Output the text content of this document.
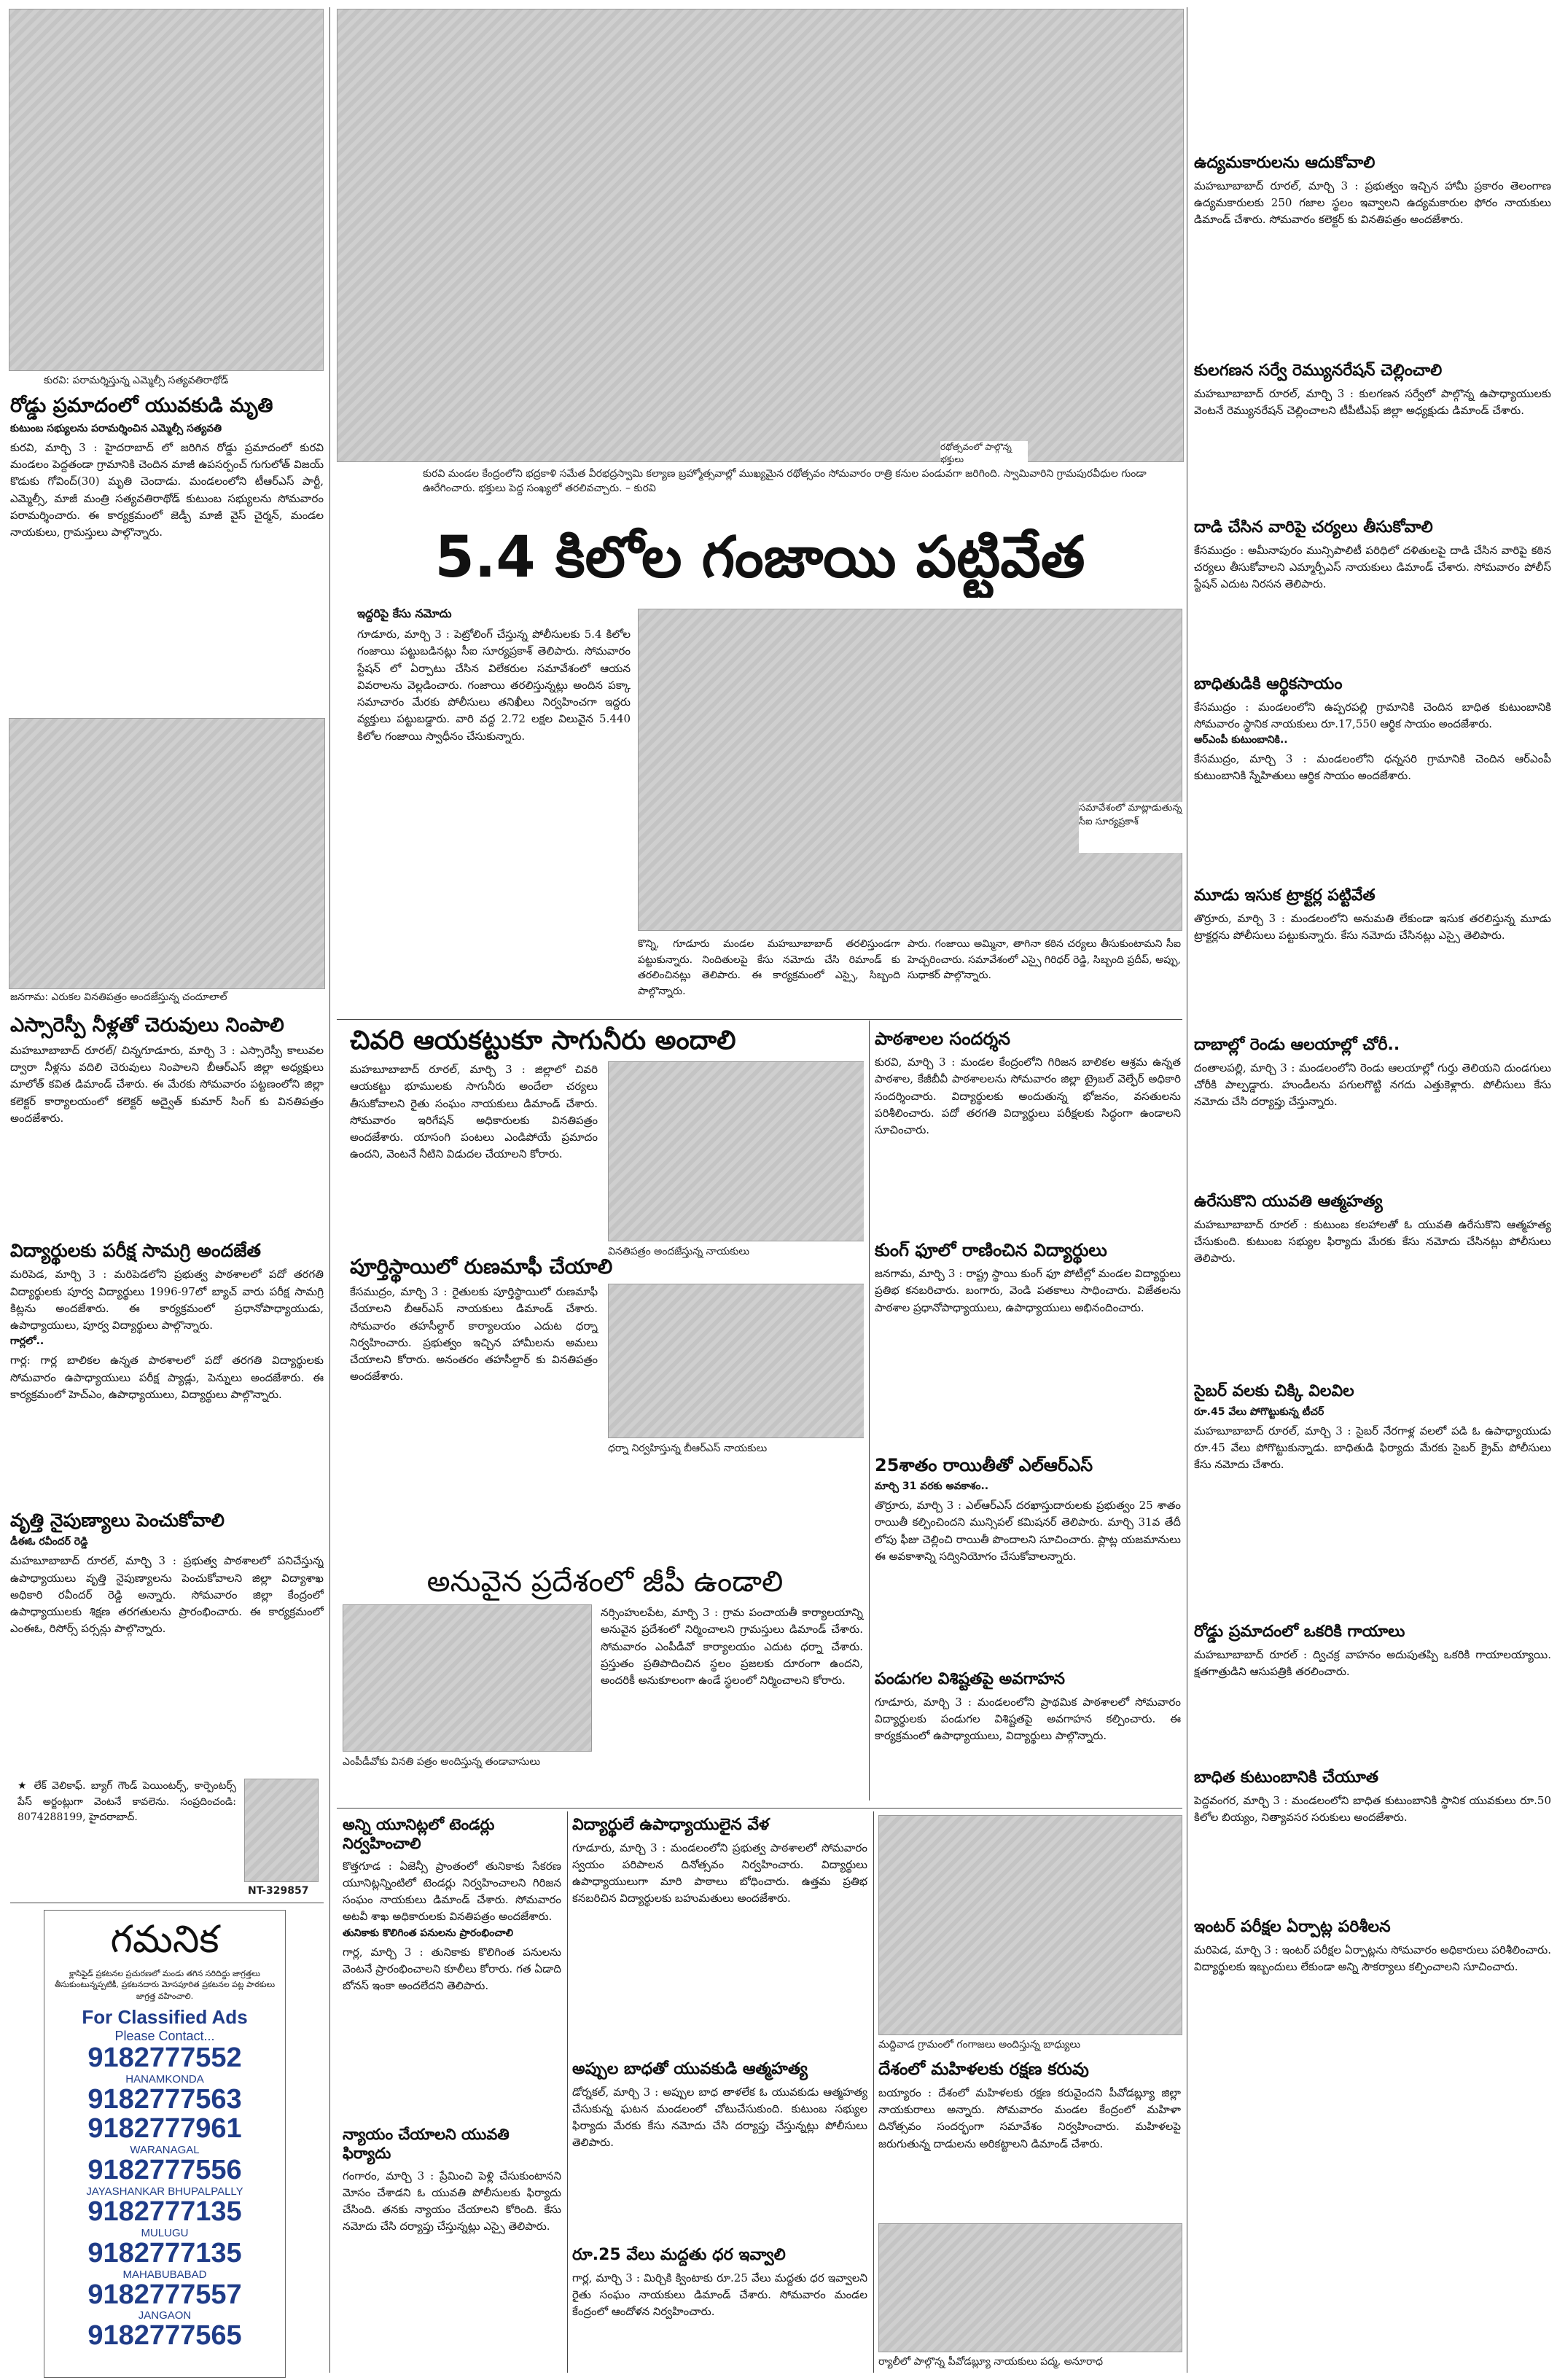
కురవి: పరామర్శిస్తున్న ఎమ్మెల్సీ సత్యవతిరాథోడ్
రోడ్డు ప్రమాదంలో యువకుడి మృతి
కుటుంబ సభ్యులను పరామర్శించిన ఎమ్మెల్సీ సత్యవతి

కురవి, మార్చి 3 : హైదరాబాద్ లో జరిగిన రోడ్డు ప్రమాదంలో కురవి మండలం పెద్దతండా గ్రామానికి చెందిన మాజీ ఉపసర్పంచ్ గుగులోత్ విజయ్ కొడుకు గోవింద్(30) మృతి చెందాడు. మండలంలోని టీఆర్ఎస్ పార్టీ, ఎమ్మెల్సీ, మాజీ మంత్రి సత్యవతిరాథోడ్ కుటుంబ సభ్యులను సోమవారం పరామర్శించారు. ఈ కార్యక్రమంలో జెడ్పీ మాజీ వైస్ చైర్మన్, మండల నాయకులు, గ్రామస్తులు పాల్గొన్నారు.

జనగామ: ఎరుకల వినతిపత్రం అందజేస్తున్న చందూలాల్
ఎస్సారెస్పీ నీళ్లతో చెరువులు నింపాలి

మహబూబాబాద్ రూరల్/ చిన్నగూడూరు, మార్చి 3 : ఎస్సారెస్పీ కాలువల ద్వారా నీళ్లను వదిలి చెరువులు నింపాలని బీఆర్ఎస్ జిల్లా అధ్యక్షులు మాలోత్ కవిత డిమాండ్ చేశారు. ఈ మేరకు సోమవారం పట్టణంలోని జిల్లా కలెక్టర్ కార్యాలయంలో కలెక్టర్ అద్వైత్ కుమార్ సింగ్ కు వినతిపత్రం అందజేశారు.

విద్యార్థులకు పరీక్ష సామగ్రి అందజేత

మరిపెడ, మార్చి 3 : మరిపెడలోని ప్రభుత్వ పాఠశాలలో పదో తరగతి విద్యార్థులకు పూర్వ విద్యార్థులు 1996-97లో బ్యాచ్ వారు పరీక్ష సామగ్రి కిట్లను అందజేశారు. ఈ కార్యక్రమంలో ప్రధానోపాధ్యాయుడు, ఉపాధ్యాయులు, పూర్వ విద్యార్థులు పాల్గొన్నారు.

గార్లలో..

గార్ల: గార్ల బాలికల ఉన్నత పాఠశాలలో పదో తరగతి విద్యార్థులకు సోమవారం ఉపాధ్యాయులు పరీక్ష ప్యాడ్లు, పెన్నులు అందజేశారు. ఈ కార్యక్రమంలో హెచ్ఎం, ఉపాధ్యాయులు, విద్యార్థులు పాల్గొన్నారు.

వృత్తి నైపుణ్యాలు పెంచుకోవాలి
డీఈఓ రవీందర్ రెడ్డి

మహబూబాబాద్ రూరల్, మార్చి 3 : ప్రభుత్వ పాఠశాలలో పనిచేస్తున్న ఉపాధ్యాయులు వృత్తి నైపుణ్యాలను పెంచుకోవాలని జిల్లా విద్యాశాఖ అధికారి రవీందర్ రెడ్డి అన్నారు. సోమవారం జిల్లా కేంద్రంలో ఉపాధ్యాయులకు శిక్షణ తరగతులను ప్రారంభించారు. ఈ కార్యక్రమంలో ఎంఈఓ, రిసోర్స్ పర్సన్లు పాల్గొన్నారు.

★ లేక్ వెలికాఫ్. బ్యాగ్ గౌండ్ పెయింటర్స్, కార్పెంటర్స్ పేస్ అర్జంట్లుగా వెంటనే కావలెను. సంప్రదించండి: 8074288199, హైదరాబాద్.

NT-329857
గమనిక

క్లాసిఫైడ్ ప్రకటనల ప్రచురణలో మండు తగిన సరిదిద్దు జాగ్రత్తలు తీసుకుంటున్నప్పటికీ, ప్రకటనదారు మోసపూరిత ప్రకటనల పట్ల పాఠకులు జాగ్రత్త వహించాలి.

For Classified Ads
Please Contact...
9182777552
HANAMKONDA
9182777563
9182777961
WARANAGAL
9182777556
JAYASHANKAR BHUPALPALLY
9182777135
MULUGU
9182777135
MAHABUBABAD
9182777557
JANGAON
9182777565
రథోత్సవంలో పాల్గొన్న భక్తులు
కురవి మండల కేంద్రంలోని భద్రకాళి సమేత వీరభద్రస్వామి కల్యాణ బ్రహ్మోత్సవాల్లో ముఖ్యమైన రథోత్సవం సోమవారం రాత్రి కనుల పండువగా జరిగింది. స్వామివారిని గ్రామపురవీధుల గుండా ఊరేగించారు. భక్తులు పెద్ద సంఖ్యలో తరలివచ్చారు. – కురవి
5.4 కిలోల గంజాయి పట్టివేత
ఇద్దరిపై కేసు నమోదు

గూడూరు, మార్చి 3 : పెట్రోలింగ్ చేస్తున్న పోలీసులకు 5.4 కిలోల గంజాయి పట్టుబడినట్లు సీఐ సూర్యప్రకాశ్ తెలిపారు. సోమవారం స్టేషన్ లో ఏర్పాటు చేసిన విలేకరుల సమావేశంలో ఆయన వివరాలను వెల్లడించారు. గంజాయి తరలిస్తున్నట్లు అందిన పక్కా సమాచారం మేరకు పోలీసులు తనిఖీలు నిర్వహించగా ఇద్దరు వ్యక్తులు పట్టుబడ్డారు. వారి వద్ద 2.72 లక్షల విలువైన 5.440 కిలోల గంజాయి స్వాధీనం చేసుకున్నారు.

సమావేశంలో మాట్లాడుతున్న సీఐ సూర్యప్రకాశ్

కొన్ని, గూడూరు మండల మహబూబాబాద్ తరలిస్తుండగా పట్టుకున్నారు. నిందితులపై కేసు నమోదు చేసి రిమాండ్ కు తరలించినట్లు తెలిపారు. ఈ కార్యక్రమంలో ఎస్సై, సిబ్బంది పాల్గొన్నారు.

పారు. గంజాయి అమ్మినా, తాగినా కఠిన చర్యలు తీసుకుంటామని సీఐ హెచ్చరించారు. సమావేశంలో ఎస్సై గిరిధర్ రెడ్డి, సిబ్బంది ప్రదీప్, అప్పు, సుధాకర్ పాల్గొన్నారు.

చివరి ఆయకట్టుకూ సాగునీరు అందాలి

మహబూబాబాద్ రూరల్, మార్చి 3 : జిల్లాలో చివరి ఆయకట్టు భూములకు సాగునీరు అందేలా చర్యలు తీసుకోవాలని రైతు సంఘం నాయకులు డిమాండ్ చేశారు. సోమవారం ఇరిగేషన్ అధికారులకు వినతిపత్రం అందజేశారు. యాసంగి పంటలు ఎండిపోయే ప్రమాదం ఉందని, వెంటనే నీటిని విడుదల చేయాలని కోరారు.

వినతిపత్రం అందజేస్తున్న నాయకులు
పూర్తిస్థాయిలో రుణమాఫీ చేయాలి

కేసముద్రం, మార్చి 3 : రైతులకు పూర్తిస్థాయిలో రుణమాఫీ చేయాలని బీఆర్ఎస్ నాయకులు డిమాండ్ చేశారు. సోమవారం తహసీల్దార్ కార్యాలయం ఎదుట ధర్నా నిర్వహించారు. ప్రభుత్వం ఇచ్చిన హామీలను అమలు చేయాలని కోరారు. అనంతరం తహసీల్దార్ కు వినతిపత్రం అందజేశారు.

ధర్నా నిర్వహిస్తున్న బీఆర్ఎస్ నాయకులు
పాఠశాలల సందర్శన

కురవి, మార్చి 3 : మండల కేంద్రంలోని గిరిజన బాలికల ఆశ్రమ ఉన్నత పాఠశాల, కేజీబీవీ పాఠశాలలను సోమవారం జిల్లా ట్రైబల్ వెల్ఫేర్ అధికారి సందర్శించారు. విద్యార్థులకు అందుతున్న భోజనం, వసతులను పరిశీలించారు. పదో తరగతి విద్యార్థులు పరీక్షలకు సిద్ధంగా ఉండాలని సూచించారు.

కుంగ్ ఫూలో రాణించిన విద్యార్థులు

జనగామ, మార్చి 3 : రాష్ట్ర స్థాయి కుంగ్ ఫూ పోటీల్లో మండల విద్యార్థులు ప్రతిభ కనబరిచారు. బంగారు, వెండి పతకాలు సాధించారు. విజేతలను పాఠశాల ప్రధానోపాధ్యాయులు, ఉపాధ్యాయులు అభినందించారు.

25శాతం రాయితీతో ఎల్ఆర్ఎస్
మార్చి 31 వరకు అవకాశం..

తొర్రూరు, మార్చి 3 : ఎల్ఆర్ఎస్ దరఖాస్తుదారులకు ప్రభుత్వం 25 శాతం రాయితీ కల్పించిందని మున్సిపల్ కమిషనర్ తెలిపారు. మార్చి 31వ తేదీ లోపు ఫీజు చెల్లించి రాయితీ పొందాలని సూచించారు. ప్లాట్ల యజమానులు ఈ అవకాశాన్ని సద్వినియోగం చేసుకోవాలన్నారు.

పండుగల విశిష్టతపై అవగాహన

గూడూరు, మార్చి 3 : మండలంలోని ప్రాథమిక పాఠశాలలో సోమవారం విద్యార్థులకు పండుగల విశిష్టతపై అవగాహన కల్పించారు. ఈ కార్యక్రమంలో ఉపాధ్యాయులు, విద్యార్థులు పాల్గొన్నారు.

అనువైన ప్రదేశంలో జీపీ ఉండాలి
ఎంపీడీవోకు వినతి పత్రం అందిస్తున్న తండావాసులు

నర్సింహులపేట, మార్చి 3 : గ్రామ పంచాయతీ కార్యాలయాన్ని అనువైన ప్రదేశంలో నిర్మించాలని గ్రామస్తులు డిమాండ్ చేశారు. సోమవారం ఎంపీడీవో కార్యాలయం ఎదుట ధర్నా చేశారు. ప్రస్తుతం ప్రతిపాదించిన స్థలం ప్రజలకు దూరంగా ఉందని, అందరికీ అనుకూలంగా ఉండే స్థలంలో నిర్మించాలని కోరారు.

అన్ని యూనిట్లలో టెండర్లు నిర్వహించాలి

కొత్తగూడ : ఏజెన్సీ ప్రాంతంలో తునికాకు సేకరణ యూనిట్లన్నింటిలో టెండర్లు నిర్వహించాలని గిరిజన సంఘం నాయకులు డిమాండ్ చేశారు. సోమవారం అటవీ శాఖ అధికారులకు వినతిపత్రం అందజేశారు.

తునికాకు కొలిగింత పనులను ప్రారంభించాలి

గార్ల, మార్చి 3 : తునికాకు కొలిగింత పనులను వెంటనే ప్రారంభించాలని కూలీలు కోరారు. గత ఏడాది బోనస్ ఇంకా అందలేదని తెలిపారు.

న్యాయం చేయాలని యువతి ఫిర్యాదు

గంగారం, మార్చి 3 : ప్రేమించి పెళ్లి చేసుకుంటానని మోసం చేశాడని ఓ యువతి పోలీసులకు ఫిర్యాదు చేసింది. తనకు న్యాయం చేయాలని కోరింది. కేసు నమోదు చేసి దర్యాప్తు చేస్తున్నట్లు ఎస్సై తెలిపారు.

విద్యార్థులే ఉపాధ్యాయులైన వేళ

గూడూరు, మార్చి 3 : మండలంలోని ప్రభుత్వ పాఠశాలలో సోమవారం స్వయం పరిపాలన దినోత్సవం నిర్వహించారు. విద్యార్థులు ఉపాధ్యాయులుగా మారి పాఠాలు బోధించారు. ఉత్తమ ప్రతిభ కనబరిచిన విద్యార్థులకు బహుమతులు అందజేశారు.

అప్పుల బాధతో యువకుడి ఆత్మహత్య

డోర్నకల్, మార్చి 3 : అప్పుల బాధ తాళలేక ఓ యువకుడు ఆత్మహత్య చేసుకున్న ఘటన మండలంలో చోటుచేసుకుంది. కుటుంబ సభ్యుల ఫిర్యాదు మేరకు కేసు నమోదు చేసి దర్యాప్తు చేస్తున్నట్లు పోలీసులు తెలిపారు.

రూ.25 వేలు మద్దతు ధర ఇవ్వాలి

గార్ల, మార్చి 3 : మిర్చికి క్వింటాకు రూ.25 వేలు మద్దతు ధర ఇవ్వాలని రైతు సంఘం నాయకులు డిమాండ్ చేశారు. సోమవారం మండల కేంద్రంలో ఆందోళన నిర్వహించారు.

మద్దివాడ గ్రామంలో గంగాజలు అందిస్తున్న బాధ్యులు
దేశంలో మహిళలకు రక్షణ కరువు

బయ్యారం : దేశంలో మహిళలకు రక్షణ కరువైందని పీవోడబ్ల్యూ జిల్లా నాయకురాలు అన్నారు. సోమవారం మండల కేంద్రంలో మహిళా దినోత్సవం సందర్భంగా సమావేశం నిర్వహించారు. మహిళలపై జరుగుతున్న దాడులను అరికట్టాలని డిమాండ్ చేశారు.

ర్యాలీలో పాల్గొన్న పీవోడబ్ల్యూ నాయకులు పద్మ, అనూరాధ
ఉద్యమకారులను ఆదుకోవాలి

మహబూబాబాద్ రూరల్, మార్చి 3 : ప్రభుత్వం ఇచ్చిన హామీ ప్రకారం తెలంగాణ ఉద్యమకారులకు 250 గజాల స్థలం ఇవ్వాలని ఉద్యమకారుల ఫోరం నాయకులు డిమాండ్ చేశారు. సోమవారం కలెక్టర్ కు వినతిపత్రం అందజేశారు.

కులగణన సర్వే రెమ్యునరేషన్ చెల్లించాలి

మహబూబాబాద్ రూరల్, మార్చి 3 : కులగణన సర్వేలో పాల్గొన్న ఉపాధ్యాయులకు వెంటనే రెమ్యునరేషన్ చెల్లించాలని టీపీటీఎఫ్ జిల్లా అధ్యక్షుడు డిమాండ్ చేశారు.

దాడి చేసిన వారిపై చర్యలు తీసుకోవాలి

కేసముద్రం : అమీనాపురం మున్సిపాలిటీ పరిధిలో దళితులపై దాడి చేసిన వారిపై కఠిన చర్యలు తీసుకోవాలని ఎమ్మార్పీఎస్ నాయకులు డిమాండ్ చేశారు. సోమవారం పోలీస్ స్టేషన్ ఎదుట నిరసన తెలిపారు.

బాధితుడికి ఆర్థికసాయం

కేసముద్రం : మండలంలోని ఉప్పరపల్లి గ్రామానికి చెందిన బాధిత కుటుంబానికి సోమవారం స్థానిక నాయకులు రూ.17,550 ఆర్థిక సాయం అందజేశారు.

ఆర్ఎంపీ కుటుంబానికి..

కేసముద్రం, మార్చి 3 : మండలంలోని ధన్నసరి గ్రామానికి చెందిన ఆర్ఎంపీ కుటుంబానికి స్నేహితులు ఆర్థిక సాయం అందజేశారు.

మూడు ఇసుక ట్రాక్టర్ల పట్టివేత

తొర్రూరు, మార్చి 3 : మండలంలోని అనుమతి లేకుండా ఇసుక తరలిస్తున్న మూడు ట్రాక్టర్లను పోలీసులు పట్టుకున్నారు. కేసు నమోదు చేసినట్లు ఎస్సై తెలిపారు.

దాబాల్లో రెండు ఆలయాల్లో చోరీ..

దంతాలపల్లి, మార్చి 3 : మండలంలోని రెండు ఆలయాల్లో గుర్తు తెలియని దుండగులు చోరీకి పాల్పడ్డారు. హుండీలను పగులగొట్టి నగదు ఎత్తుకెళ్లారు. పోలీసులు కేసు నమోదు చేసి దర్యాప్తు చేస్తున్నారు.

ఉరేసుకొని యువతి ఆత్మహత్య

మహబూబాబాద్ రూరల్ : కుటుంబ కలహాలతో ఓ యువతి ఉరేసుకొని ఆత్మహత్య చేసుకుంది. కుటుంబ సభ్యుల ఫిర్యాదు మేరకు కేసు నమోదు చేసినట్లు పోలీసులు తెలిపారు.

సైబర్ వలకు చిక్కి విలవిల
రూ.45 వేలు పోగొట్టుకున్న టీచర్

మహబూబాబాద్ రూరల్, మార్చి 3 : సైబర్ నేరగాళ్ల వలలో పడి ఓ ఉపాధ్యాయుడు రూ.45 వేలు పోగొట్టుకున్నాడు. బాధితుడి ఫిర్యాదు మేరకు సైబర్ క్రైమ్ పోలీసులు కేసు నమోదు చేశారు.

రోడ్డు ప్రమాదంలో ఒకరికి గాయాలు

మహబూబాబాద్ రూరల్ : ద్విచక్ర వాహనం అదుపుతప్పి ఒకరికి గాయాలయ్యాయి. క్షతగాత్రుడిని ఆసుపత్రికి తరలించారు.

బాధిత కుటుంబానికి చేయూత

పెద్దవంగర, మార్చి 3 : మండలంలోని బాధిత కుటుంబానికి స్థానిక యువకులు రూ.50 కిలోల బియ్యం, నిత్యావసర సరుకులు అందజేశారు.

ఇంటర్ పరీక్షల ఏర్పాట్ల పరిశీలన

మరిపెడ, మార్చి 3 : ఇంటర్ పరీక్షల ఏర్పాట్లను సోమవారం అధికారులు పరిశీలించారు. విద్యార్థులకు ఇబ్బందులు లేకుండా అన్ని సౌకర్యాలు కల్పించాలని సూచించారు.
